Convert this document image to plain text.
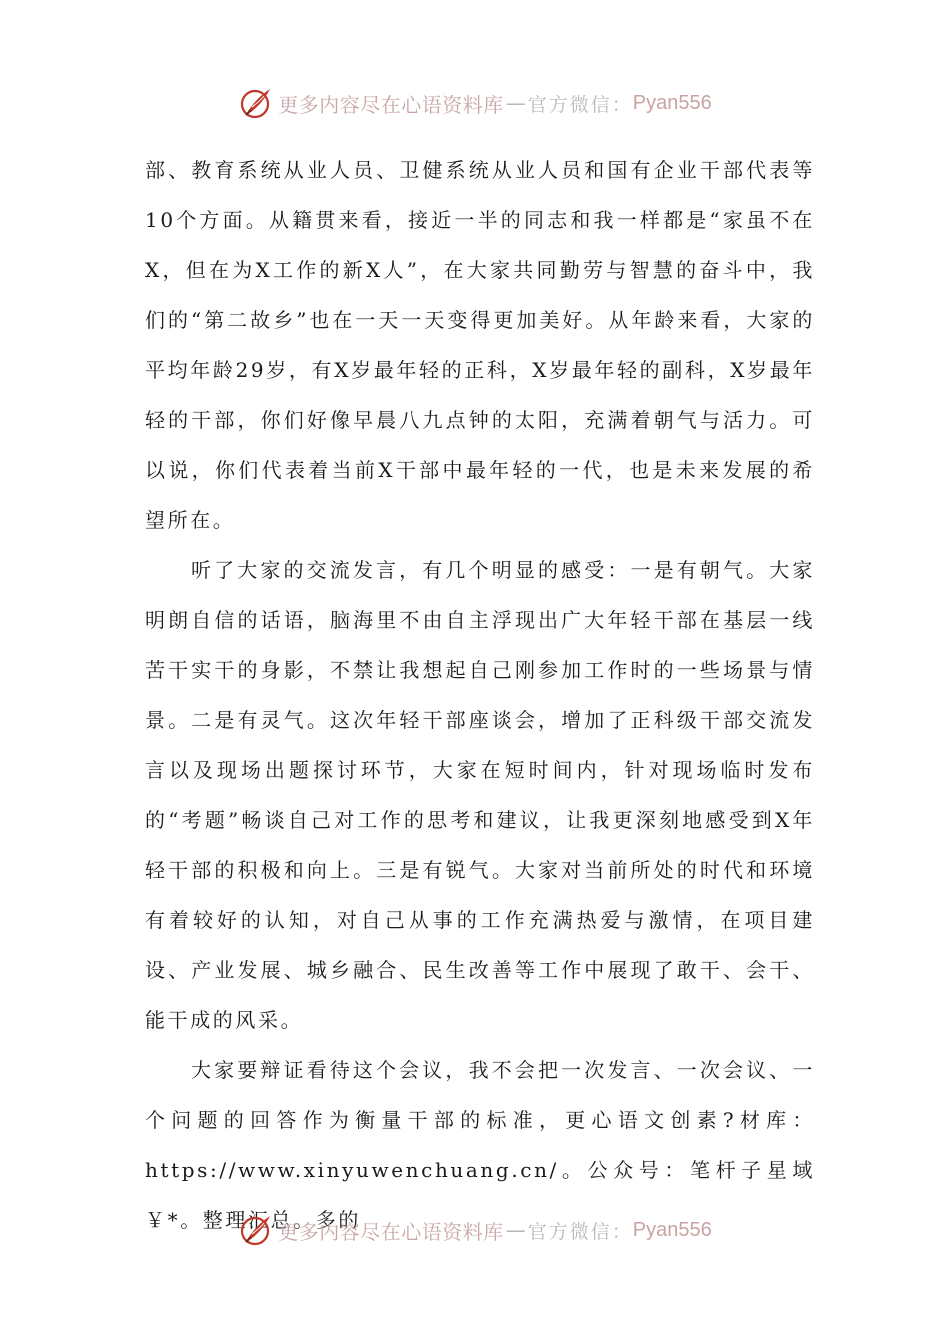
更多内容尽在心语资料库 — 官方微信： Pyan556

部、教育系统从业人员、卫健系统从业人员和国有企业干部代表等10个方面。从籍贯来看，接近一半的同志和我一样都是“家虽不在X，但在为X工作的新X人”，在大家共同勤劳与智慧的奋斗中，我们的“第二故乡”也在一天一天变得更加美好。从年龄来看，大家的平均年龄29岁，有X岁最年轻的正科，X岁最年轻的副科，X岁最年轻的干部，你们好像早晨八九点钟的太阳，充满着朝气与活力。可以说，你们代表着当前X干部中最年轻的一代，也是未来发展的希望所在。

听了大家的交流发言，有几个明显的感受：一是有朝气。大家明朗自信的话语，脑海里不由自主浮现出广大年轻干部在基层一线苦干实干的身影，不禁让我想起自己刚参加工作时的一些场景与情景。二是有灵气。这次年轻干部座谈会，增加了正科级干部交流发言以及现场出题探讨环节，大家在短时间内，针对现场临时发布的“考题”畅谈自己对工作的思考和建议，让我更深刻地感受到X年轻干部的积极和向上。三是有锐气。大家对当前所处的时代和环境有着较好的认知，对自己从事的工作充满热爱与激情，在项目建设、产业发展、城乡融合、民生改善等工作中展现了敢干、会干、能干成的风采。

大家要辩证看待这个会议，我不会把一次发言、一次会议、一个问题的回答作为衡量干部的标准，更心语文创素?材库：https://www.xinyuwenchuang.cn/。公众号：笔杆子星域￥*。整理汇总。多的

更多内容尽在心语资料库 — 官方微信： Pyan556
